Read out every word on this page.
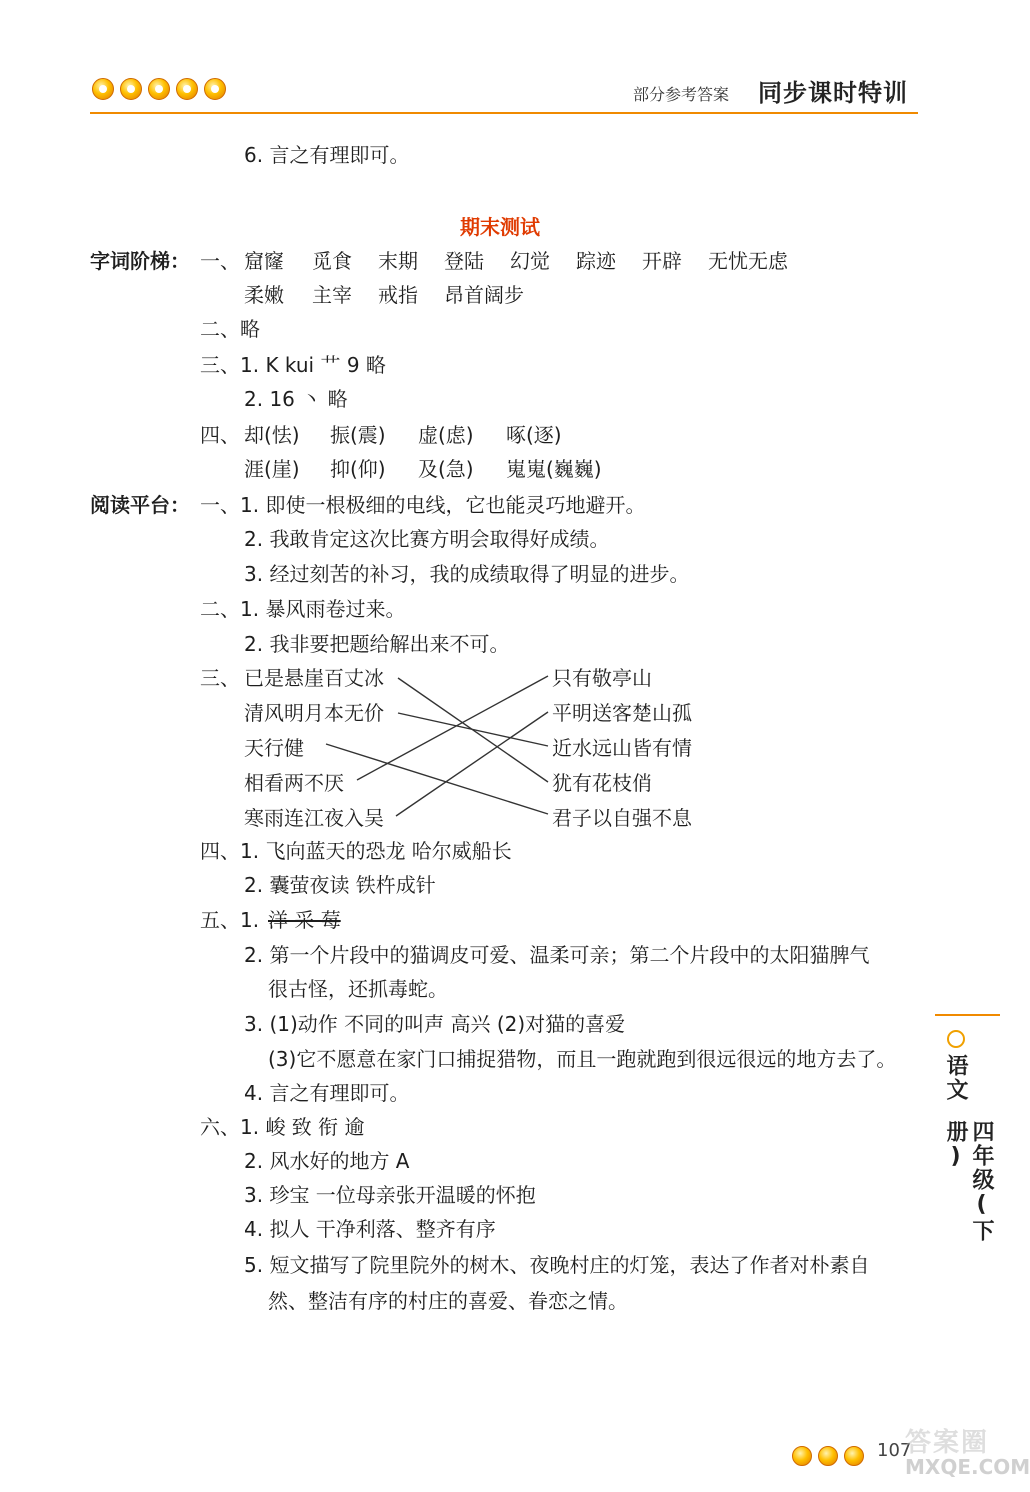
部分参考答案 同步课时特训
6. 言之有理即可。
期末测试
字词阶梯： 一、 窟窿 觅食 末期 登陆 幻觉 踪迹 开辟 无忧无虑
柔嫩 主宰 戒指 昂首阔步
二、略
三、1. K kui 艹 9 略
2. 16 丶 略
四、 却(怯) 振(震) 虚(虑) 啄(逐)
涯(崖) 抑(仰) 及(急) 嵬嵬(巍巍)
阅读平台： 一、1. 即使一根极细的电线，它也能灵巧地避开。
2. 我敢肯定这次比赛方明会取得好成绩。
3. 经过刻苦的补习，我的成绩取得了明显的进步。
二、1. 暴风雨卷过来。
2. 我非要把题给解出来不可。
三、 已是悬崖百丈冰
清风明月本无价
天行健
相看两不厌
寒雨连江夜入吴
只有敬亭山
平明送客楚山孤
近水远山皆有情
犹有花枝俏
君子以自强不息
四、1. 飞向蓝天的恐龙 哈尔威船长
2. 囊萤夜读 铁杵成针
五、1. 洋 采 莓
2. 第一个片段中的猫调皮可爱、温柔可亲；第二个片段中的太阳猫脾气
很古怪，还抓毒蛇。
3. (1)动作 不同的叫声 高兴 (2)对猫的喜爱
(3)它不愿意在家门口捕捉猎物，而且一跑就跑到很远很远的地方去了。
4. 言之有理即可。
六、1. 峻 致 衔 逾
2. 风水好的地方 A
3. 珍宝 一位母亲张开温暖的怀抱
4. 拟人 干净利落、整齐有序
5. 短文描写了院里院外的树木、夜晚村庄的灯笼，表达了作者对朴素自
然、整洁有序的村庄的喜爱、眷恋之情。
语文
四年级(下册)
107
答案圈
MXQE.COM
